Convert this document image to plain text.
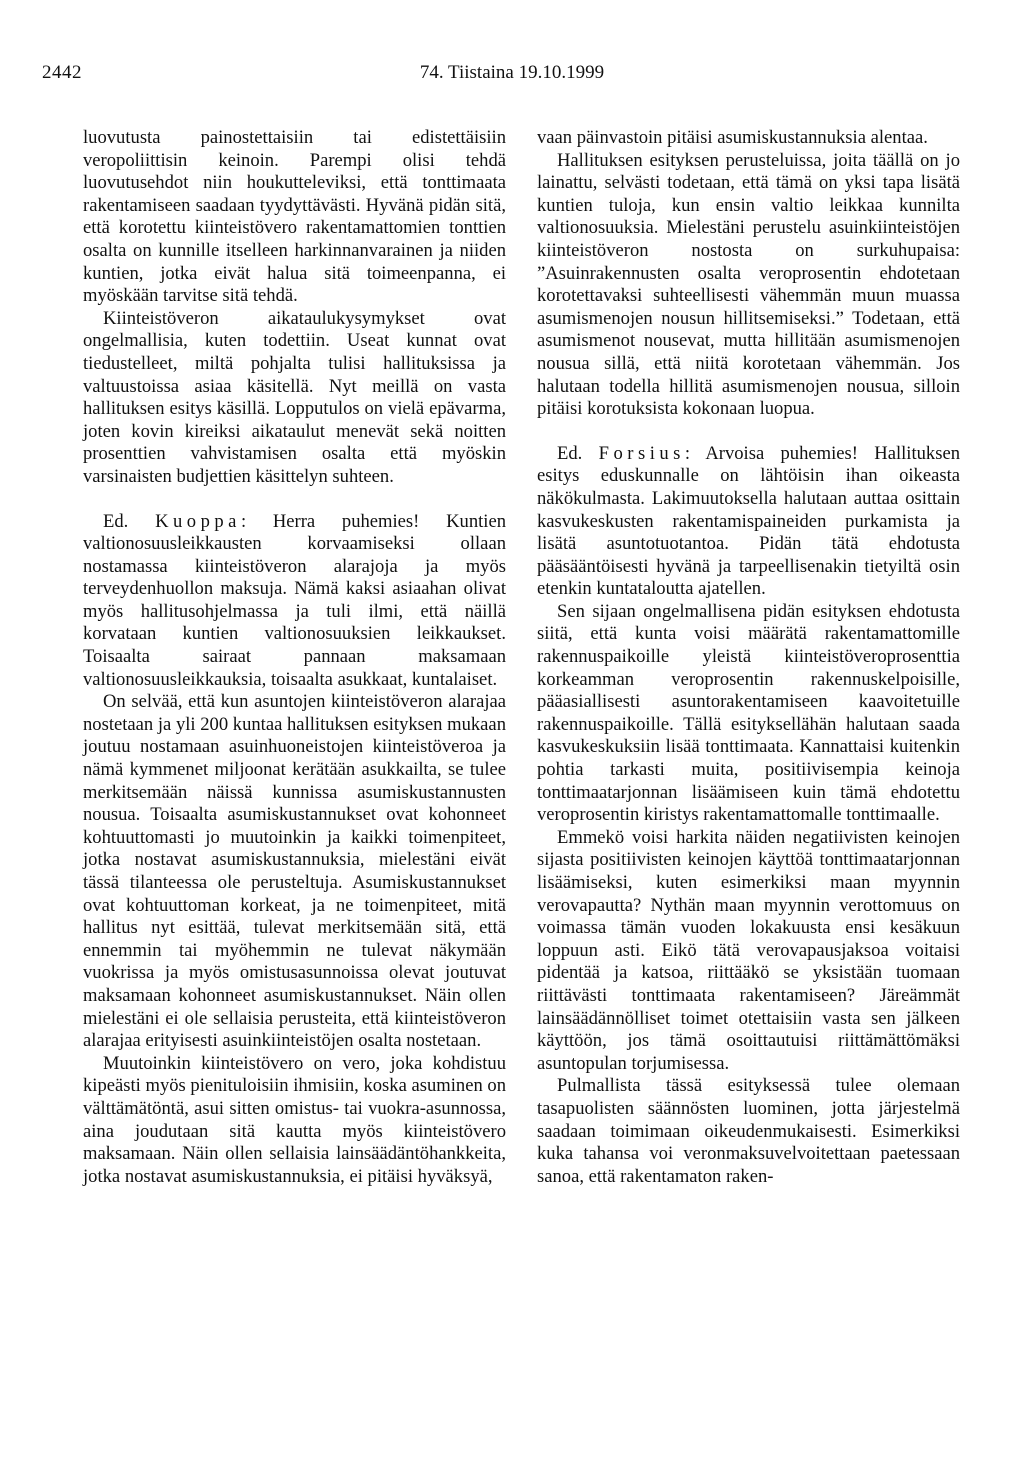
2442	74. Tiistaina 19.10.1999

luovutusta painostettaisiin tai edistettäisiin veropoliittisin keinoin. Parempi olisi tehdä luovutusehdot niin houkutteleviksi, että tonttimaata rakentamiseen saadaan tyydyttävästi. Hyvänä pidän sitä, että korotettu kiinteistövero rakentamattomien tonttien osalta on kunnille itselleen harkinnanvarainen ja niiden kuntien, jotka eivät halua sitä toimeenpanna, ei myöskään tarvitse sitä tehdä.

Kiinteistöveron aikataulukysymykset ovat ongelmallisia, kuten todettiin. Useat kunnat ovat tiedustelleet, miltä pohjalta tulisi hallituksissa ja valtuustoissa asiaa käsitellä. Nyt meillä on vasta hallituksen esitys käsillä. Lopputulos on vielä epävarma, joten kovin kireiksi aikataulut menevät sekä noitten prosenttien vahvistamisen osalta että myöskin varsinaisten budjettien käsittelyn suhteen.

Ed. Kuoppa: Herra puhemies! Kuntien valtionosuusleikkausten korvaamiseksi ollaan nostamassa kiinteistöveron alarajoja ja myös terveydenhuollon maksuja. Nämä kaksi asiaahan olivat myös hallitusohjelmassa ja tuli ilmi, että näillä korvataan kuntien valtionosuuksien leikkaukset. Toisaalta sairaat pannaan maksamaan valtionosuusleikkauksia, toisaalta asukkaat, kuntalaiset.

On selvää, että kun asuntojen kiinteistöveron alarajaa nostetaan ja yli 200 kuntaa hallituksen esityksen mukaan joutuu nostamaan asuinhuoneistojen kiinteistöveroa ja nämä kymmenet miljoonat kerätään asukkailta, se tulee merkitsemään näissä kunnissa asumiskustannusten nousua. Toisaalta asumiskustannukset ovat kohonneet kohtuuttomasti jo muutoinkin ja kaikki toimenpiteet, jotka nostavat asumiskustannuksia, mielestäni eivät tässä tilanteessa ole perusteltuja. Asumiskustannukset ovat kohtuuttoman korkeat, ja ne toimenpiteet, mitä hallitus nyt esittää, tulevat merkitsemään sitä, että ennemmin tai myöhemmin ne tulevat näkymään vuokrissa ja myös omistusasunnoissa olevat joutuvat maksamaan kohonneet asumiskustannukset. Näin ollen mielestäni ei ole sellaisia perusteita, että kiinteistöveron alarajaa erityisesti asuinkiinteistöjen osalta nostetaan.

Muutoinkin kiinteistövero on vero, joka kohdistuu kipeästi myös pienituloisiin ihmisiin, koska asuminen on välttämätöntä, asui sitten omistus- tai vuokra-asunnossa, aina joudutaan sitä kautta myös kiinteistövero maksamaan. Näin ollen sellaisia lainsäädäntöhankkeita, jotka nostavat asumiskustannuksia, ei pitäisi hyväksyä,

vaan päinvastoin pitäisi asumiskustannuksia alentaa.

Hallituksen esityksen perusteluissa, joita täällä on jo lainattu, selvästi todetaan, että tämä on yksi tapa lisätä kuntien tuloja, kun ensin valtio leikkaa kunnilta valtionosuuksia. Mielestäni perustelu asuinkiinteistöjen kiinteistöveron nostosta on surkuhupaisa: ”Asuinrakennusten osalta veroprosentin ehdotetaan korotettavaksi suhteellisesti vähemmän muun muassa asumismenojen nousun hillitsemiseksi.” Todetaan, että asumismenot nousevat, mutta hillitään asumismenojen nousua sillä, että niitä korotetaan vähemmän. Jos halutaan todella hillitä asumismenojen nousua, silloin pitäisi korotuksista kokonaan luopua.

Ed. Forsius: Arvoisa puhemies! Hallituksen esitys eduskunnalle on lähtöisin ihan oikeasta näkökulmasta. Lakimuutoksella halutaan auttaa osittain kasvukeskusten rakentamispaineiden purkamista ja lisätä asuntotuotantoa. Pidän tätä ehdotusta pääsääntöisesti hyvänä ja tarpeellisenakin tietyiltä osin etenkin kuntataloutta ajatellen.

Sen sijaan ongelmallisena pidän esityksen ehdotusta siitä, että kunta voisi määrätä rakentamattomille rakennuspaikoille yleistä kiinteistöveroprosenttia korkeamman veroprosentin rakennuskelpoisille, pääasiallisesti asuntorakentamiseen kaavoitetuille rakennuspaikoille. Tällä esityksellähän halutaan saada kasvukeskuksiin lisää tonttimaata. Kannattaisi kuitenkin pohtia tarkasti muita, positiivisempia keinoja tonttimaatarjonnan lisäämiseen kuin tämä ehdotettu veroprosentin kiristys rakentamattomalle tonttimaalle.

Emmekö voisi harkita näiden negatiivisten keinojen sijasta positiivisten keinojen käyttöä tonttimaatarjonnan lisäämiseksi, kuten esimerkiksi maan myynnin verovapautta? Nythän maan myynnin verottomuus on voimassa tämän vuoden lokakuusta ensi kesäkuun loppuun asti. Eikö tätä verovapausjaksoa voitaisi pidentää ja katsoa, riittääkö se yksistään tuomaan riittävästi tonttimaata rakentamiseen? Järeämmät lainsäädännölliset toimet otettaisiin vasta sen jälkeen käyttöön, jos tämä osoittautuisi riittämättömäksi asuntopulan torjumisessa.

Pulmallista tässä esityksessä tulee olemaan tasapuolisten säännösten luominen, jotta järjestelmä saadaan toimimaan oikeudenmukaisesti. Esimerkiksi kuka tahansa voi veronmaksuvelvoitettaan paetessaan sanoa, että rakentamaton raken-
